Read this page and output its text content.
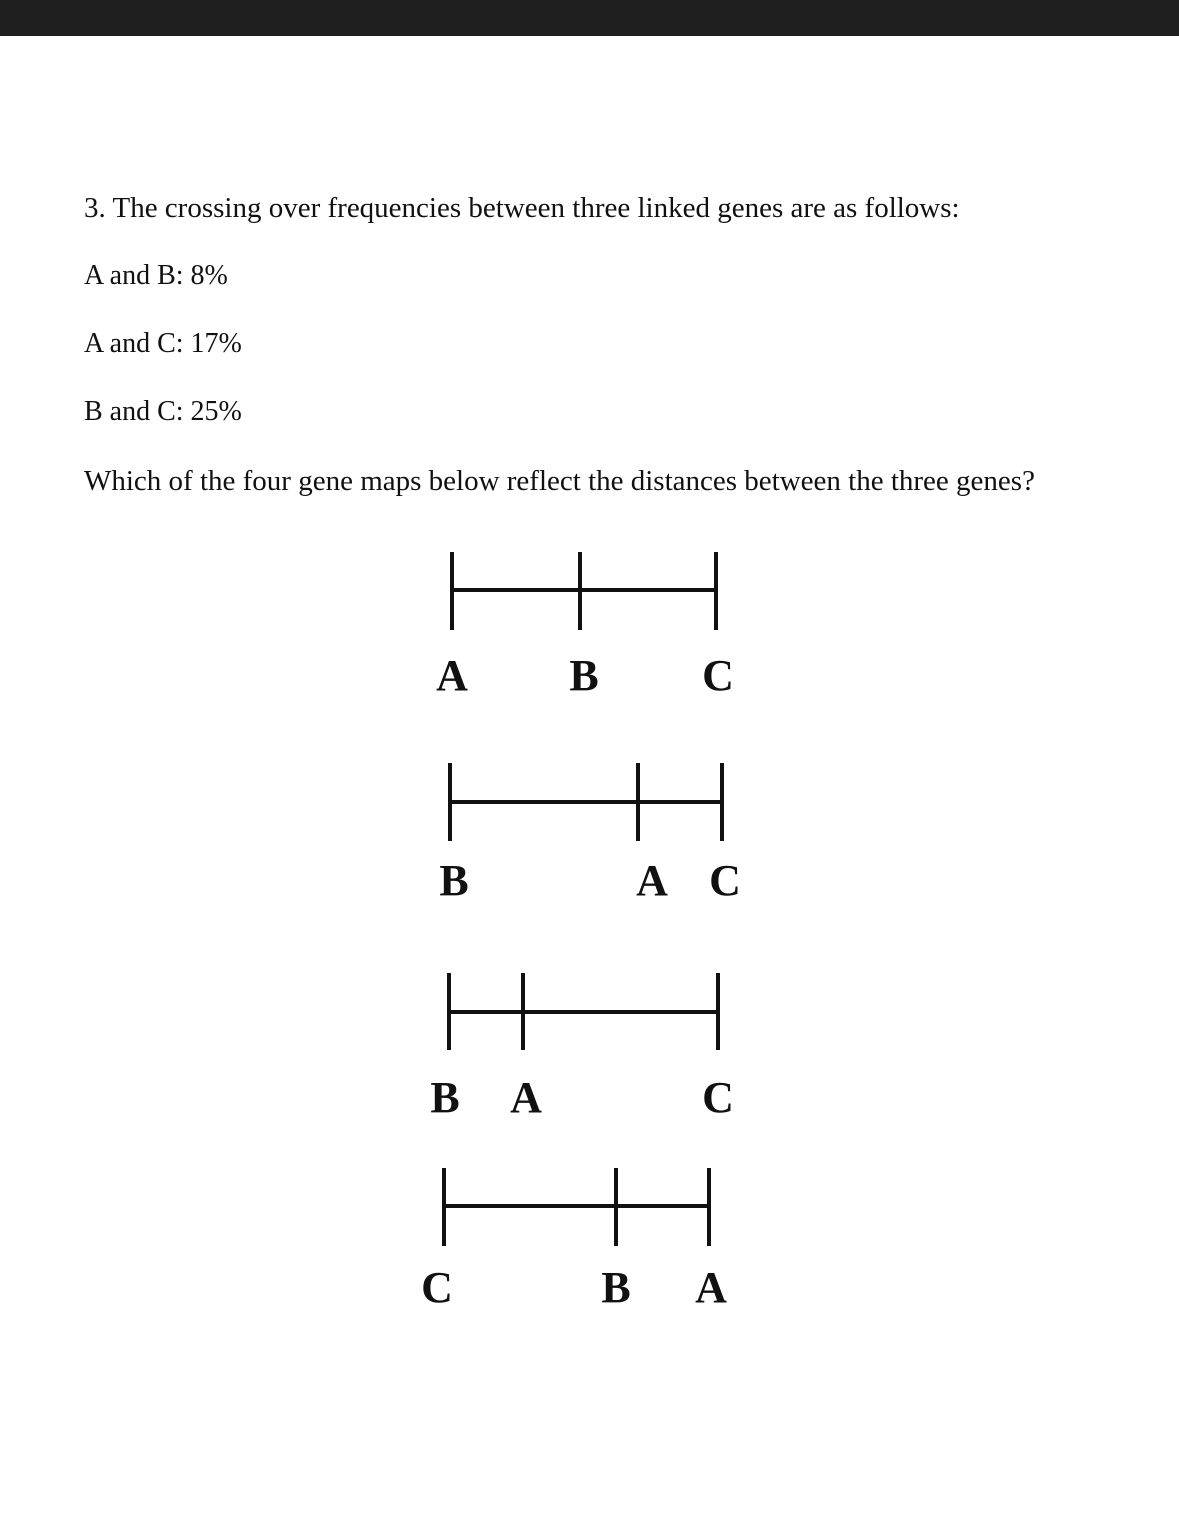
3. The crossing over frequencies between three linked genes are as follows:
A and B: 8%
A and C: 17%
B and C: 25%
Which of the four gene maps below reflect the distances between the three genes?
A B C
B	A C
B A	C
C	B A
